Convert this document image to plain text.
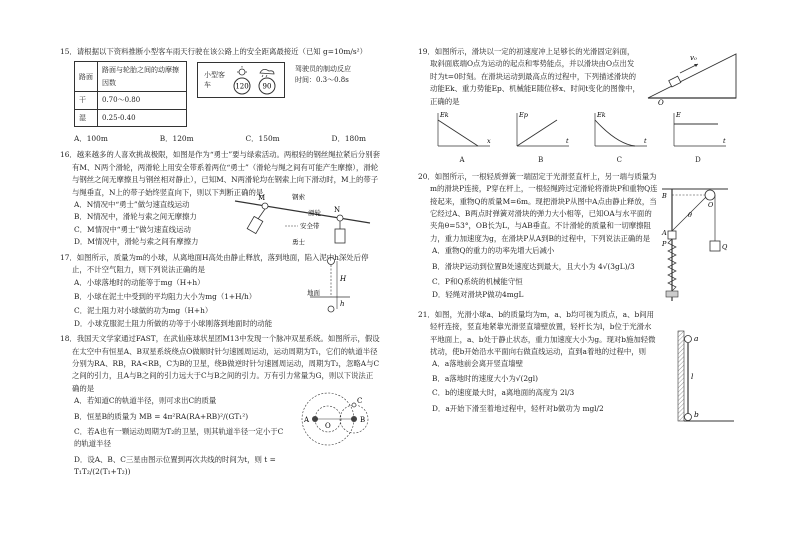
15．请根据以下资料推断小型客车雨天行驶在该公路上的安全距离最接近（已知 g=10m/s²）
路面	路面与轮胎之间的动摩擦因数
干	0.70～0.80
湿	0.25-0.40
小型客车	120 90
驾驶员的制动反应时间：0.3～0.8s
A．100m	B．120m	C．150m	D．180m
16．越来越多的人喜欢挑战极限，如图是作为“勇士”要与绿索活动。两根轻的钢丝绳拉紧后分别套有M、N两个滑轮，两滑轮上用安全带系着两位“勇士”（滑轮与绳之间有可能产生摩擦），滑轮与钢丝之间无摩擦且与钢丝相对静止），已知M、N两滑轮均在钢索上向下滑动时，M上的带子与绳垂直，N上的带子始终竖直向下，则以下判断正确的是
A．N情况中“勇士”做匀速直线运动
B．N情况中，滑轮与索之间无摩擦力
C．M情况中“勇士”做匀速直线运动
D．M情况中，滑轮与索之间有摩擦力
M
N
钢索
滑轮
安全带
勇士
17．如图所示，质量为m的小球，从离地面H高处由静止释放，落到地面，陷入泥中h深处后停止，不计空气阻力，则下列说法正确的是
A．小球落地时的动能等于mg（H+h）
B．小球在泥土中受到的平均阻力大小为mg（1+H/h）
C．泥土阻力对小球做的功为mg（H+h）
D．小球克服泥土阻力所做的功等于小球刚落到地面时的动能
H
地面
h
18．我国天文学家通过FAST，在武仙座球状星团M13中发现一个脉冲双星系统。如图所示，假设在太空中有恒星A、B双星系统绕点O做顺时针匀速圆周运动，运动周期为T₁，它们的轨道半径分别为RA、RB，RA<RB，C为B的卫星，绕B做逆时针匀速圆周运动，周期为T₂，忽略A与C之间的引力，且A与B之间的引力远大于C与B之间的引力。万有引力常量为G，则以下说法正确的是
A．若知道C的轨道半径，则可求出C的质量
B．恒星B的质量为 MB = 4π²RA(RA+RB)²/(GT₁²)
C．若A也有一颗运动周期为T₂的卫星，则其轨道半径一定小于C的轨道半径
D．设A、B、C三星由图示位置到再次共线的时间为t，则 t = T₁T₂/(2(T₁+T₂))
A
O
B
C
19．如图所示，滑块以一定的初速度冲上足够长的光滑固定斜面，取斜面底端O点为运动的起点和零势能点，并以滑块由O点出发时为t=0时刻。在滑块运动到最高点的过程中，下列描述滑块的动能Ek、重力势能Ep、机械能E随位移x、时间t变化的图像中，正确的是
v₀
O
Ek
x
A
Ep
t
B
Ek
t
C
E
t
D
20．如图所示，一根轻质弹簧一端固定于光滑竖直杆上，另一端与质量为m的滑块P连接，P穿在杆上，一根轻绳跨过定滑轮将滑块P和重物Q连接起来，重物Q的质量M=6m。现把滑块P从图中A点由静止释放，当它经过A、B两点时弹簧对滑块的弹力大小相等，已知OA与水平面的夹角θ=53°，OB长为L，与AB垂直。不计滑轮的质量和一切摩擦阻力，重力加速度为g，在滑块P从A到B的过程中，下列说法正确的是
A．重物Q的重力的功率先增大后减小
B．滑块P运动到位置B处速度达到最大，且大小为 4√(3gL)/3
C．P和Q系统的机械能守恒
D．轻绳对滑块P做功4mgL
O
B
A
θ
P	Q
21．如图，光滑小球a、b的质量均为m，a、b均可视为质点，a、b间用轻杆连接，竖直地紧靠光滑竖直墙壁放置，轻杆长为l，b位于光滑水平地面上，a、b处于静止状态，重力加速度大小为g。现对b施加轻微扰动，使b开始沿水平面向右做直线运动，直到a着地的过程中，则
A．a落地前会离开竖直墙壁
B．a落地时的速度大小为√(2gl)
C．b的速度最大时，a离地面的高度为 2l/3
D．a开始下滑至着地过程中，轻杆对b做功为 mgl/2
a
b
l
